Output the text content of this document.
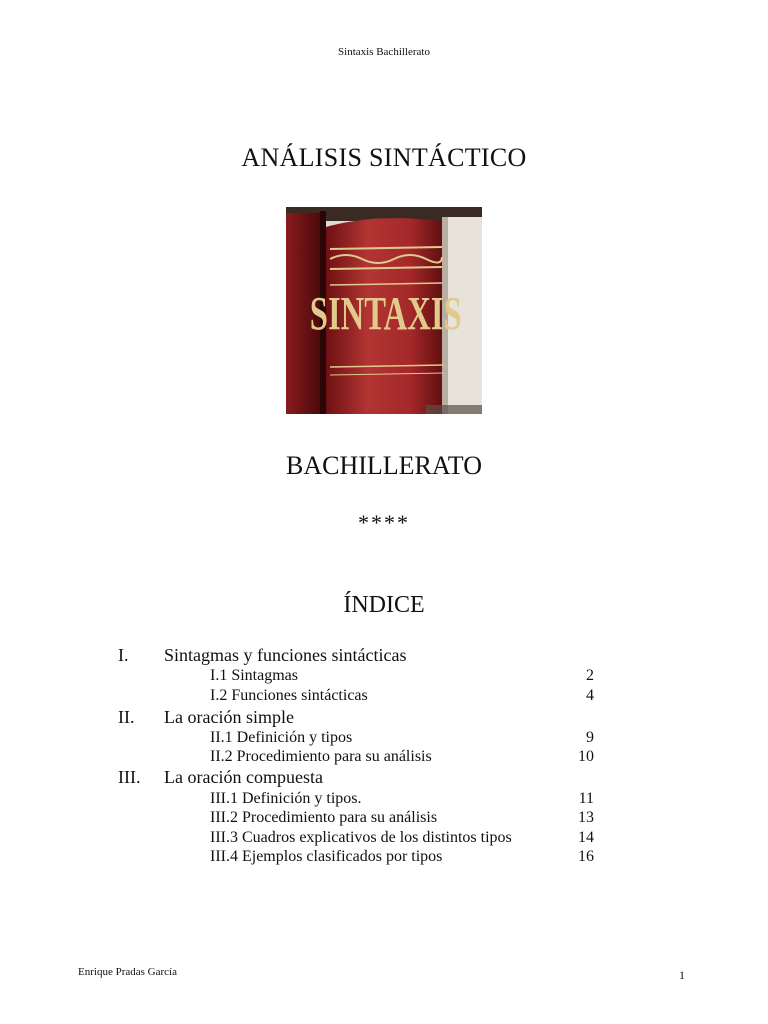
Sintaxis Bachillerato
ANÁLISIS SINTÁCTICO
SINTAXIS
BACHILLERATO
****
ÍNDICE
I. Sintagmas y funciones sintácticas
I.1 Sintagmas	2
I.2 Funciones sintácticas	4
II. La oración simple
II.1 Definición y tipos	9
II.2 Procedimiento para su análisis	10
III. La oración compuesta
III.1 Definición y tipos.	11
III.2 Procedimiento para su análisis	13
III.3 Cuadros explicativos de los distintos tipos	14
III.4 Ejemplos clasificados por tipos	16
Enrique Pradas García	1
